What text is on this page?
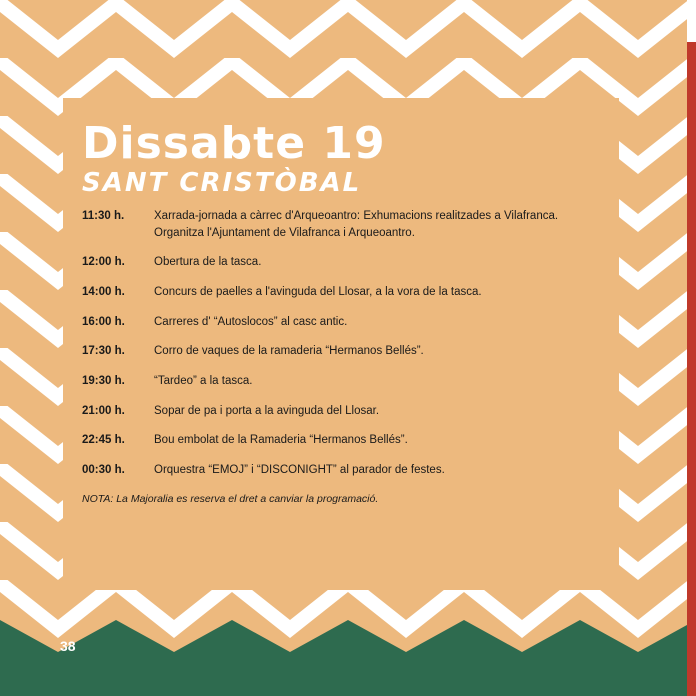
Dissabte 19
SANT CRISTÒBAL
11:30 h.	Xarrada-jornada a càrrec d'Arqueoantro: Exhumacions realitzades a Vilafranca. Organitza l'Ajuntament de Vilafranca i Arqueoantro.
12:00 h.	Obertura de la tasca.
14:00 h.	Concurs de paelles a l'avinguda del Llosar, a la vora de la tasca.
16:00 h.	Carreres d' “Autoslocos” al casc antic.
17:30 h.	Corro de vaques de la ramaderia “Hermanos Bellés”.
19:30 h.	“Tardeo” a la tasca.
21:00 h.	Sopar de pa i porta a la avinguda del Llosar.
22:45 h.	Bou embolat de la Ramaderia “Hermanos Bellés”.
00:30 h.	Orquestra “EMOJ” i “DISCONIGHT” al parador de festes.
NOTA: La Majoralia es reserva el dret a canviar la programació.
38
